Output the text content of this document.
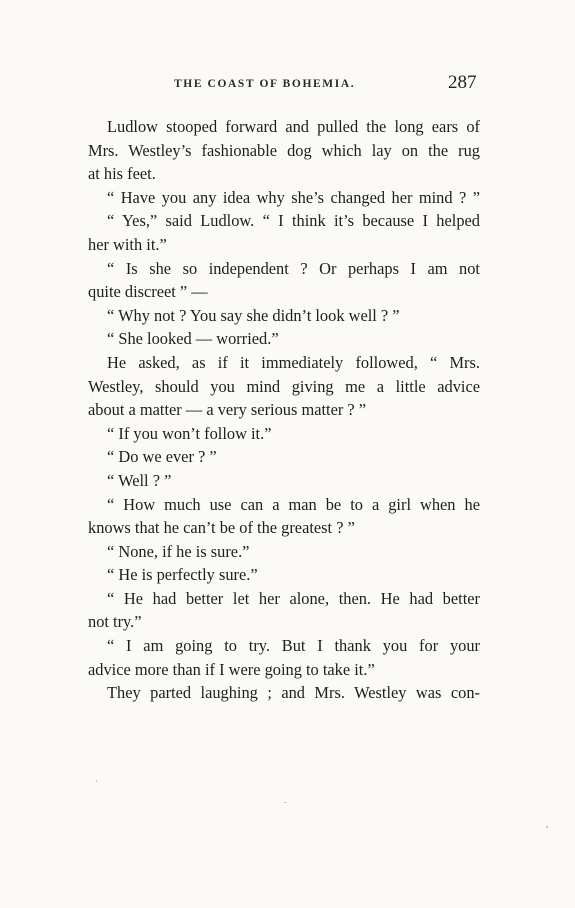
THE COAST OF BOHEMIA.	287
Ludlow stooped forward and pulled the long ears of
Mrs. Westley’s fashionable dog which lay on the rug
at his feet.
“ Have you any idea why she’s changed her mind ? ”
“ Yes,” said Ludlow. “ I think it’s because I helped
her with it.”
“ Is she so independent ? Or perhaps I am not
quite discreet ” —
“ Why not ? You say she didn’t look well ? ”
“ She looked — worried.”
He asked, as if it immediately followed, “ Mrs.
Westley, should you mind giving me a little advice
about a matter — a very serious matter ? ”
“ If you won’t follow it.”
“ Do we ever ? ”
“ Well ? ”
“ How much use can a man be to a girl when he
knows that he can’t be of the greatest ? ”
“ None, if he is sure.”
“ He is perfectly sure.”
“ He had better let her alone, then. He had better
not try.”
“ I am going to try. But I thank you for your
advice more than if I were going to take it.”
They parted laughing ; and Mrs. Westley was con-
